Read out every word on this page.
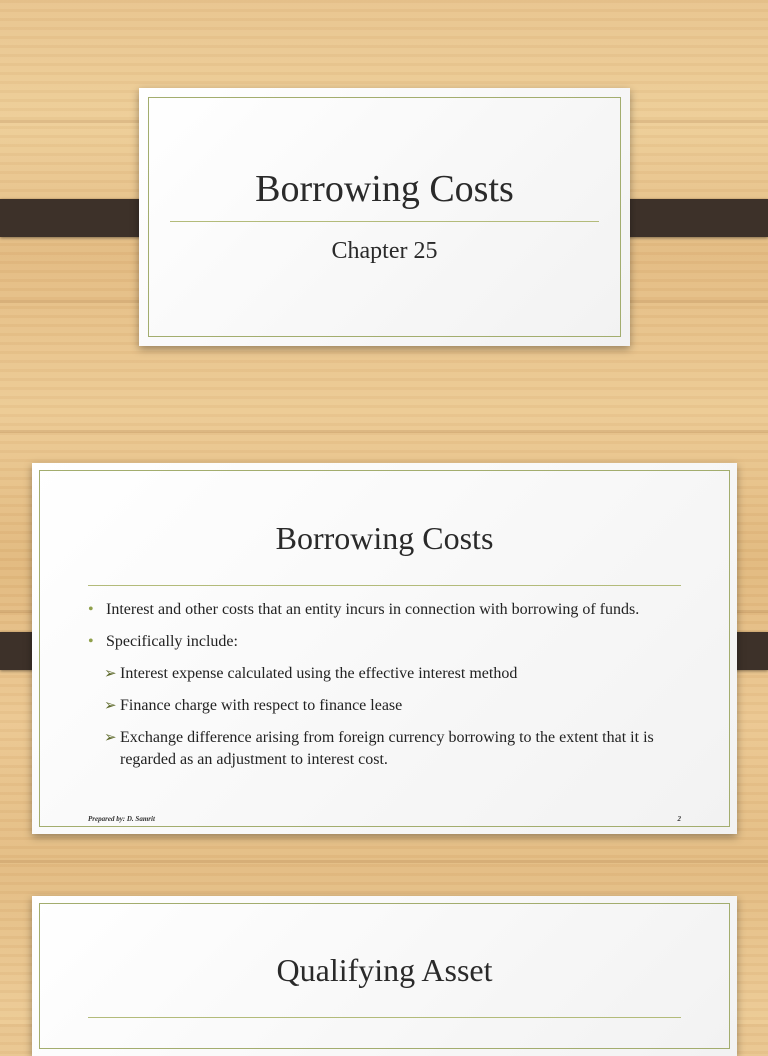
Borrowing Costs
Chapter 25
Borrowing Costs
• Interest and other costs that an entity incurs in connection with borrowing of funds.
• Specifically include:
➢ Interest expense calculated using the effective interest method
➢ Finance charge with respect to finance lease
➢ Exchange difference arising from foreign currency borrowing to the extent that it is regarded as an adjustment to interest cost.
Prepared by: D. Samrit	2
Qualifying Asset
